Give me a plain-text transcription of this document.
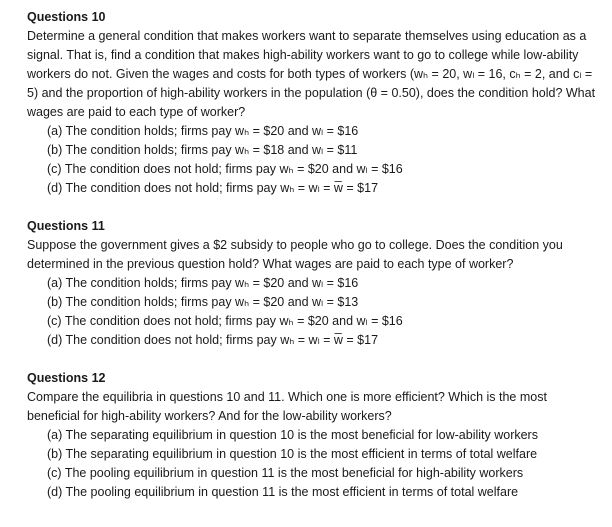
Questions 10

Determine a general condition that makes workers want to separate themselves using education as a signal. That is, find a condition that makes high-ability workers want to go to college while low-ability workers do not. Given the wages and costs for both types of workers (wₕ = 20, wₗ = 16, cₕ = 2, and cₗ = 5) and the proportion of high-ability workers in the population (θ = 0.50), does the condition hold? What wages are paid to each type of worker?

(a) The condition holds; firms pay wₕ = $20 and wₗ = $16
(b) The condition holds; firms pay wₕ = $18 and wₗ = $11
(c) The condition does not hold; firms pay wₕ = $20 and wₗ = $16
(d) The condition does not hold; firms pay wₕ = wₗ = w̅ = $17

Questions 11

Suppose the government gives a $2 subsidy to people who go to college. Does the condition you determined in the previous question hold? What wages are paid to each type of worker?

(a) The condition holds; firms pay wₕ = $20 and wₗ = $16
(b) The condition holds; firms pay wₕ = $20 and wₗ = $13
(c) The condition does not hold; firms pay wₕ = $20 and wₗ = $16
(d) The condition does not hold; firms pay wₕ = wₗ = w̅ = $17

Questions 12

Compare the equilibria in questions 10 and 11. Which one is more efficient? Which is the most beneficial for high-ability workers? And for the low-ability workers?

(a) The separating equilibrium in question 10 is the most beneficial for low-ability workers
(b) The separating equilibrium in question 10 is the most efficient in terms of total welfare
(c) The pooling equilibrium in question 11 is the most beneficial for high-ability workers
(d) The pooling equilibrium in question 11 is the most efficient in terms of total welfare
